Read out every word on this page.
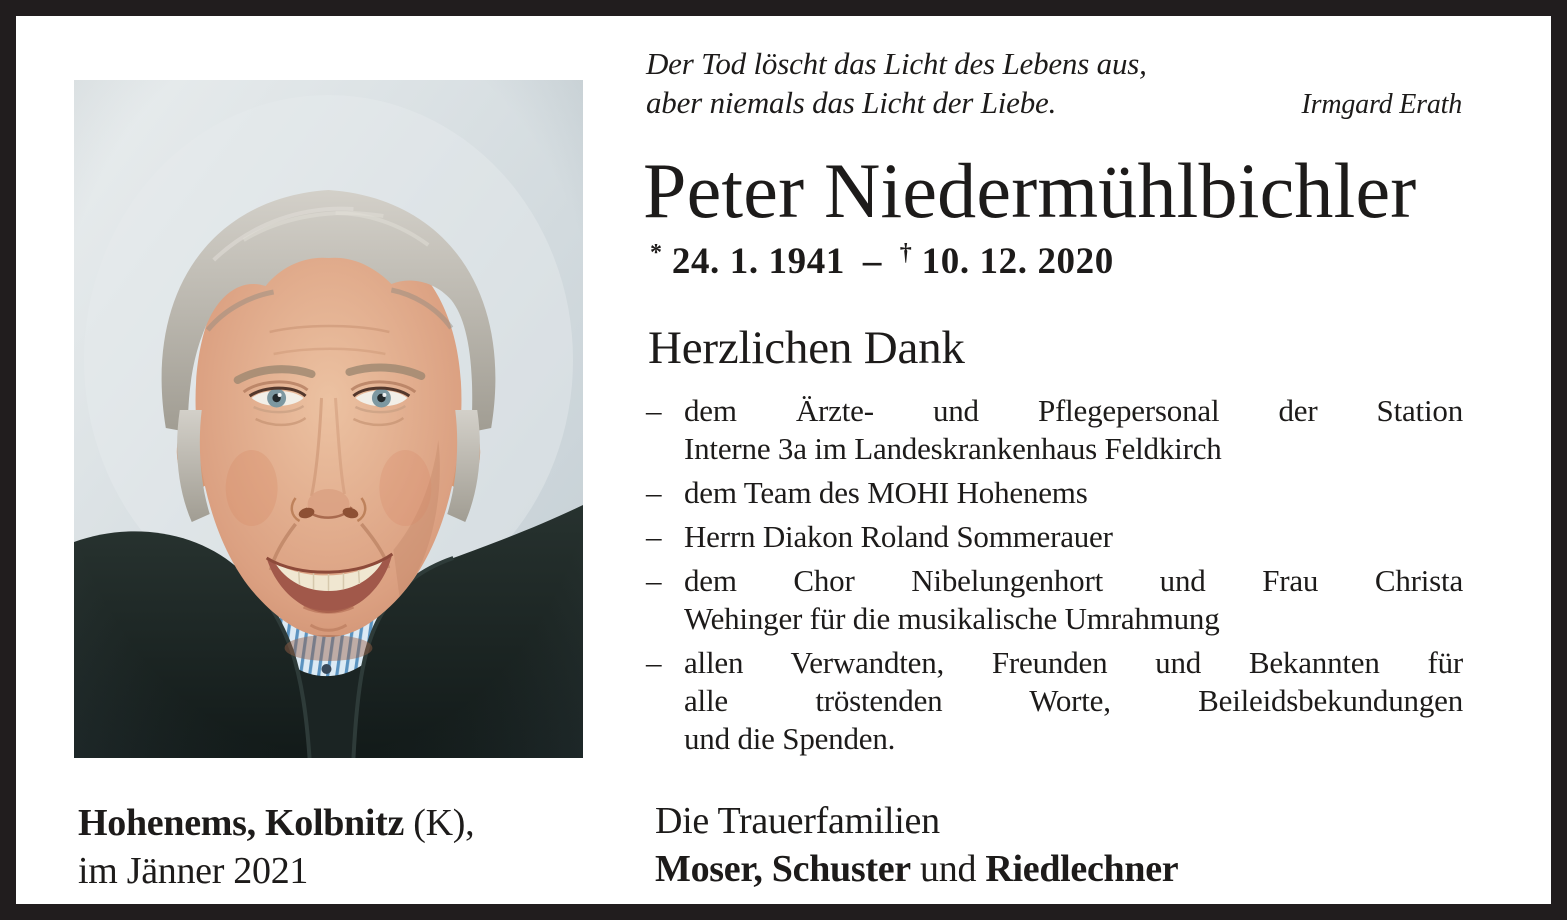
Der Tod löscht das Licht des Lebens aus,
aber niemals das Licht der Liebe.	Irmgard Erath
Peter Niedermühlbichler
* 24. 1. 1941 – † 10. 12. 2020
Herzlichen Dank
– dem Ärzte- und Pflegepersonal der Station
Interne 3a im Landeskrankenhaus Feldkirch
– dem Team des MOHI Hohenems
– Herrn Diakon Roland Sommerauer
– dem Chor Nibelungenhort und Frau Christa
Wehinger für die musikalische Umrahmung
– allen Verwandten, Freunden und Bekannten für
alle tröstenden Worte, Beileidsbekundungen
und die Spenden.
Hohenems, Kolbnitz (K),
im Jänner 2021
Die Trauerfamilien
Moser, Schuster und Riedlechner
